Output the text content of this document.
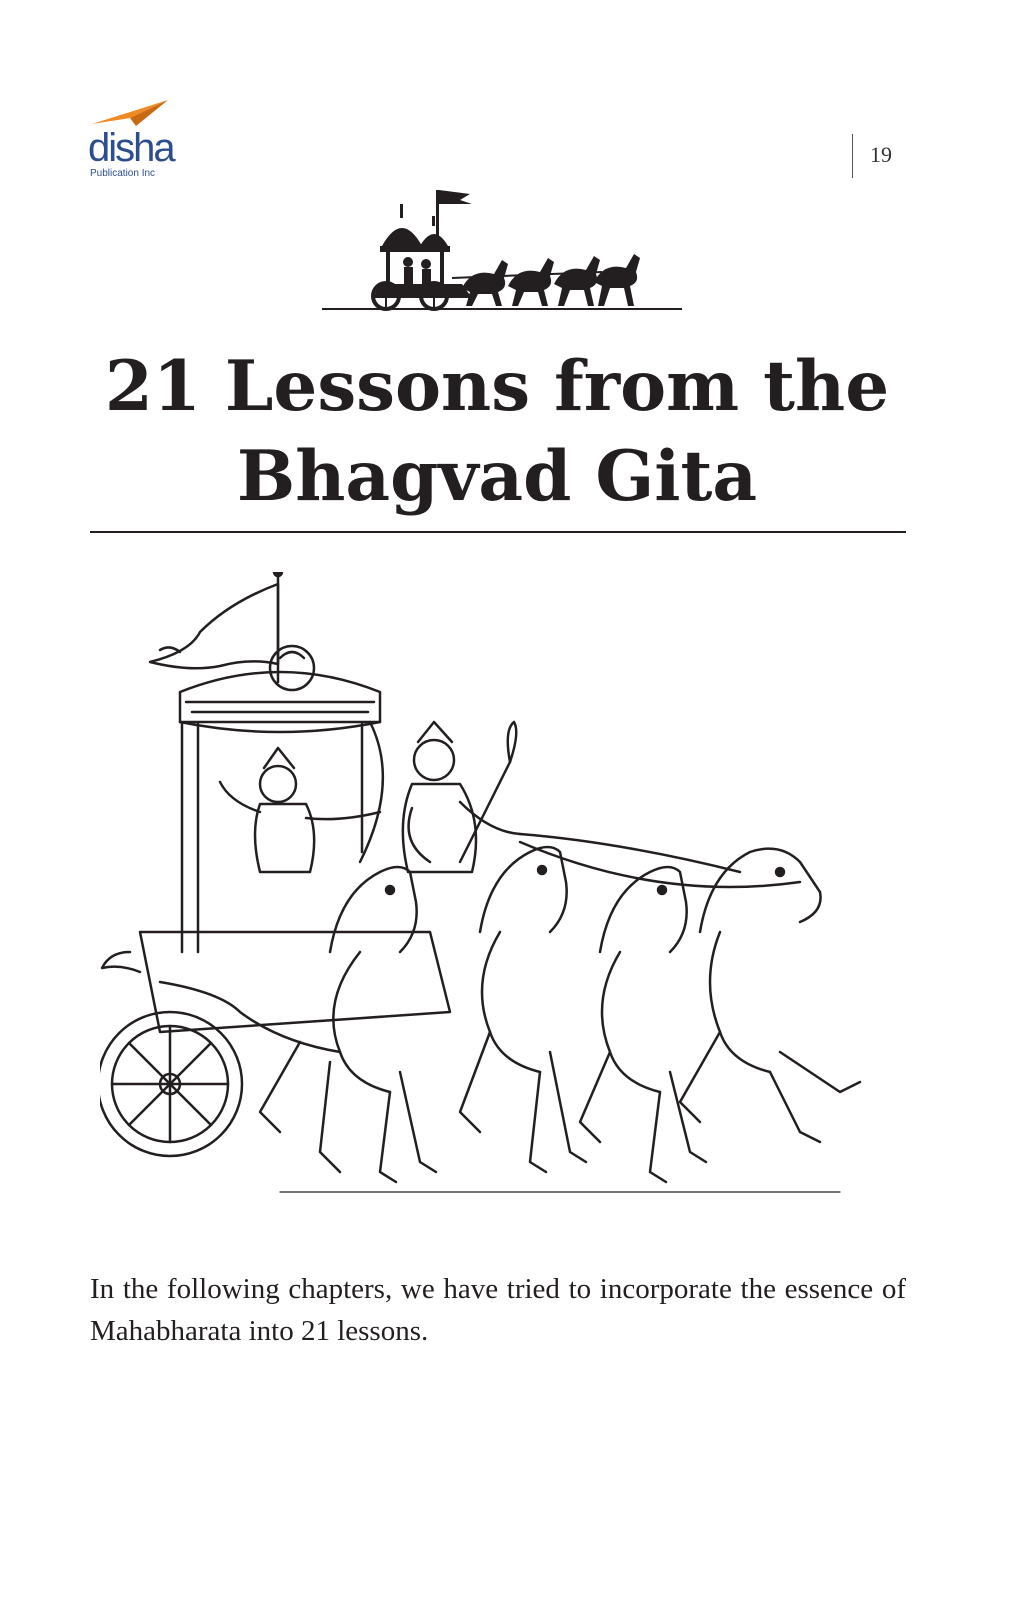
disha
Publication Inc
19
21 Lessons from the
Bhagvad Gita

In the following chapters, we have tried to incorporate the essence of Mahabharata into 21 lessons.
